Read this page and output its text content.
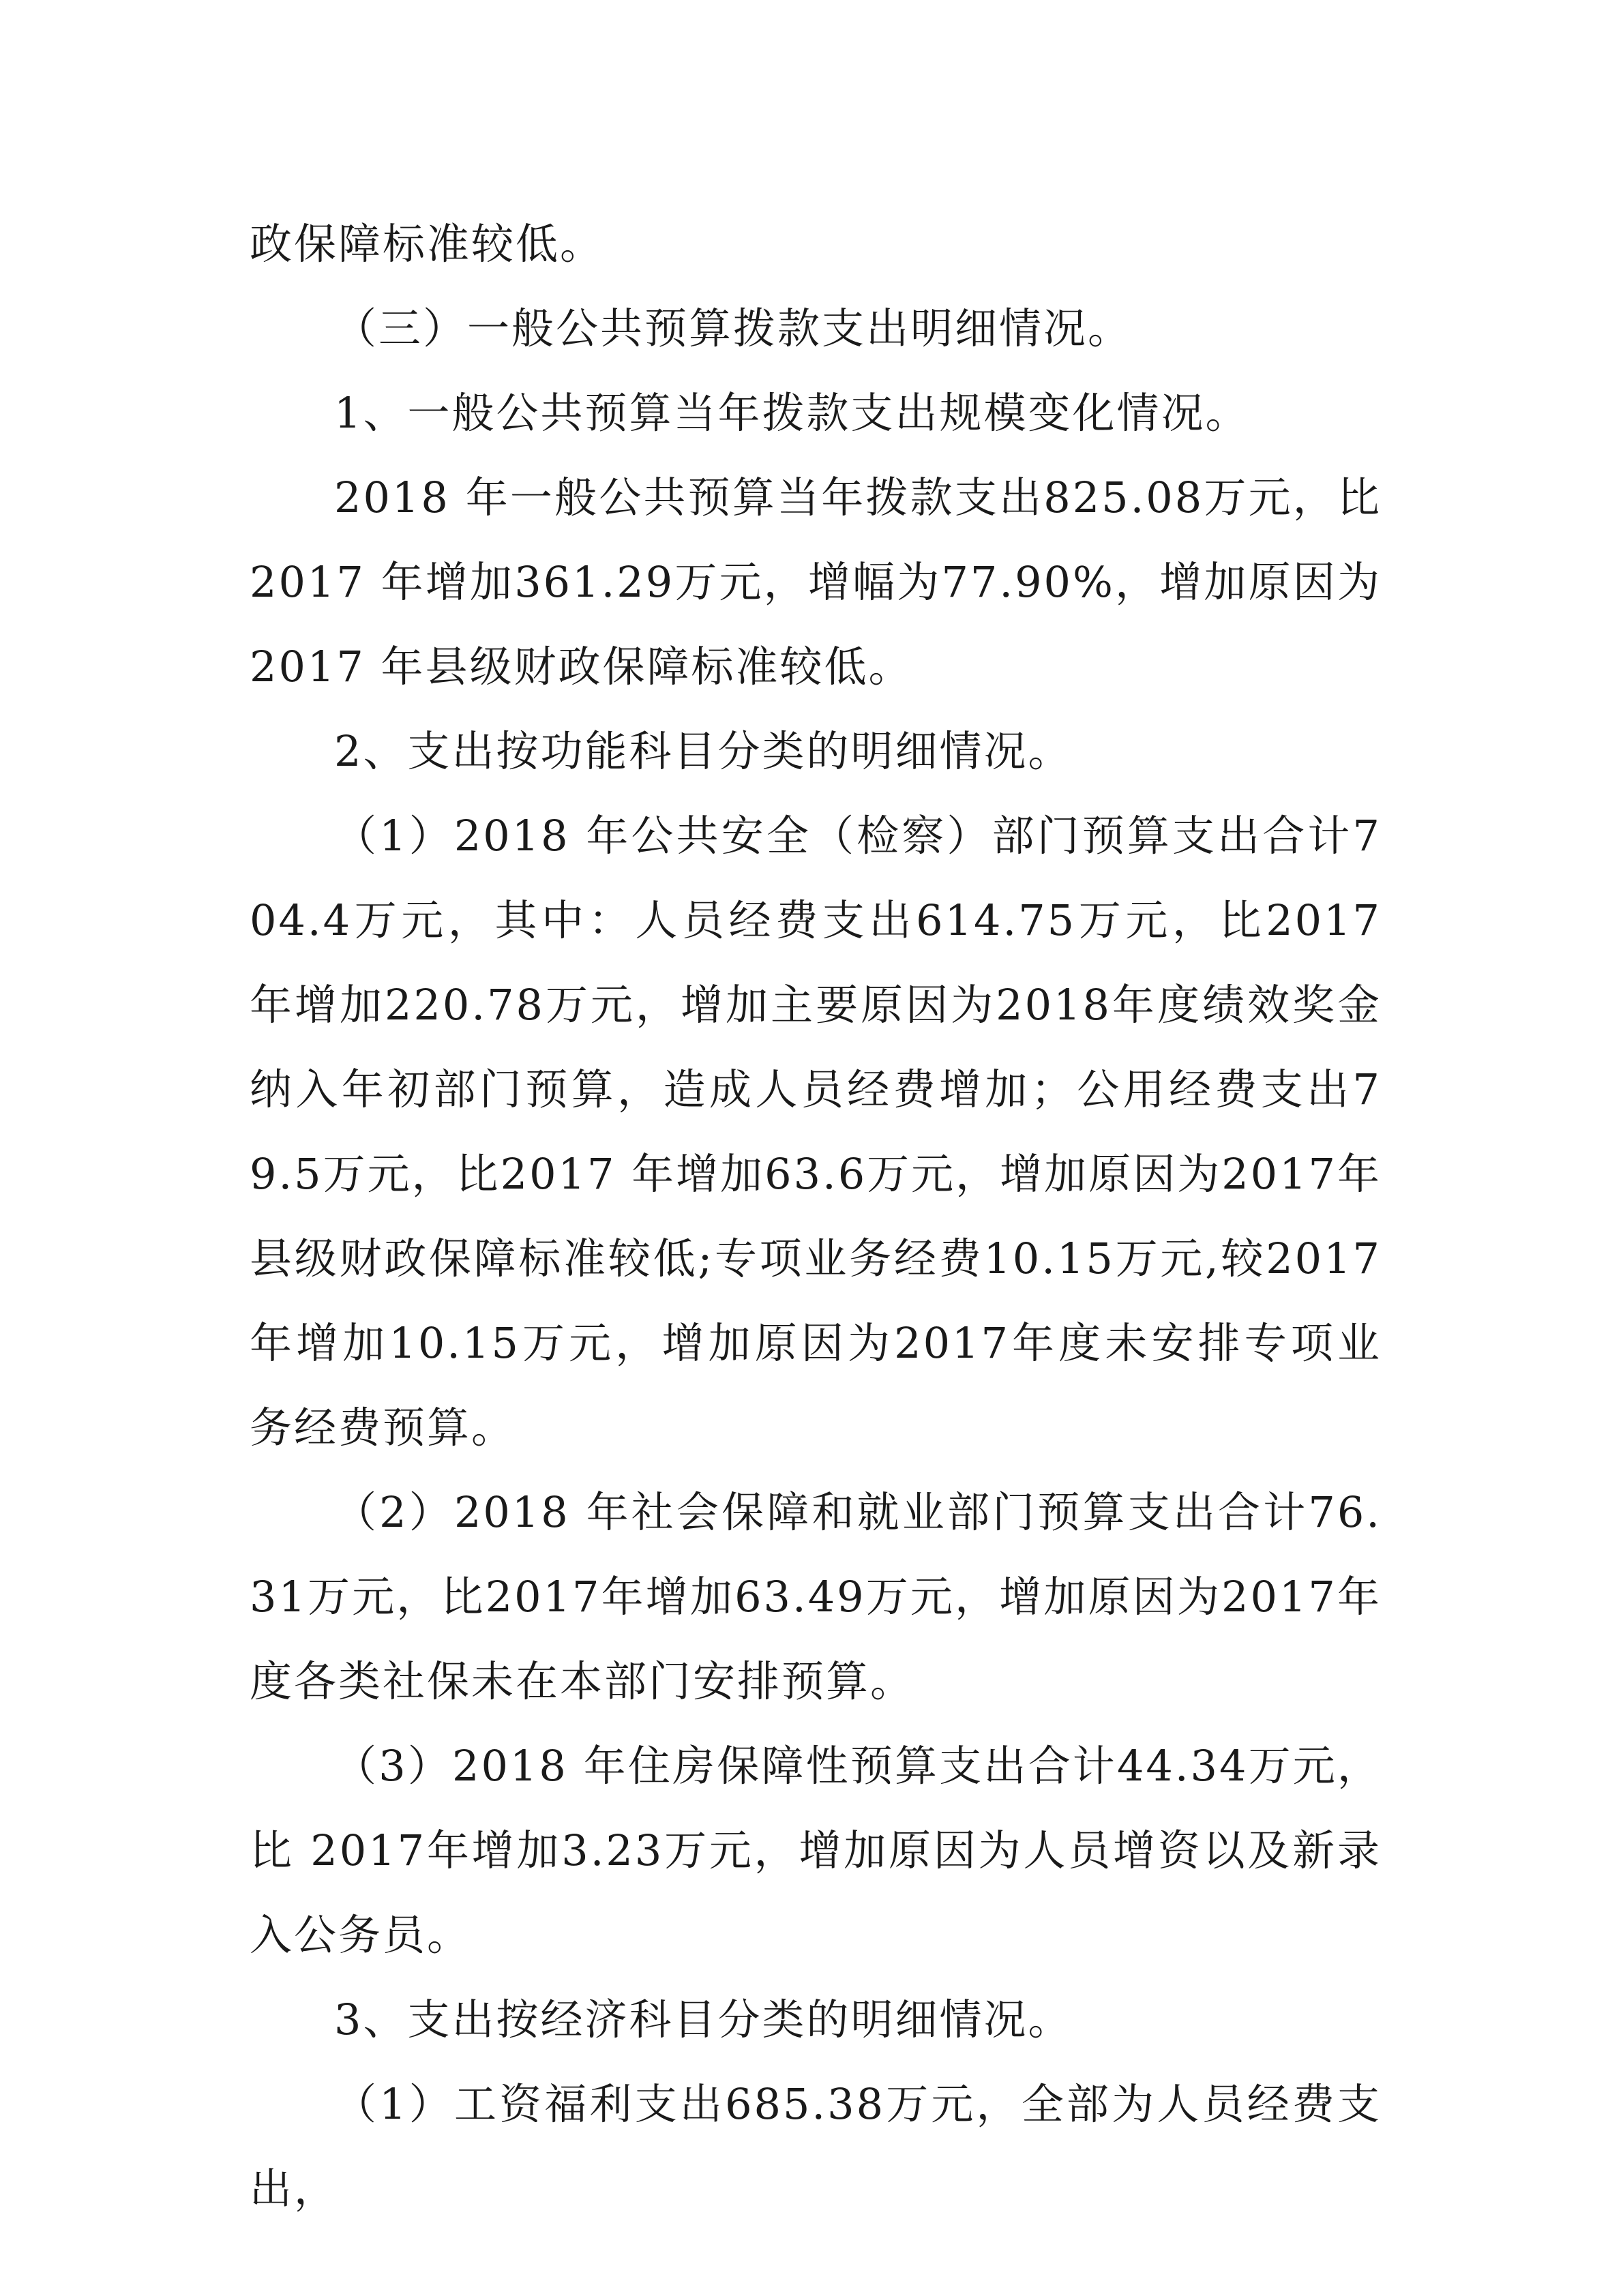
政保障标准较低。

（三）一般公共预算拨款支出明细情况。

1、一般公共预算当年拨款支出规模变化情况。

2018 年一般公共预算当年拨款支出825.08万元，比 2017 年增加361.29万元，增幅为77.90%，增加原因为2017 年县级财政保障标准较低。

2、支出按功能科目分类的明细情况。

（1）2018 年公共安全（检察）部门预算支出合计704.4万元，其中：人员经费支出614.75万元，比2017 年增加220.78万元，增加主要原因为2018年度绩效奖金纳入年初部门预算，造成人员经费增加；公用经费支出79.5万元，比2017 年增加63.6万元，增加原因为2017年县级财政保障标准较低;专项业务经费10.15万元,较2017年增加10.15万元，增加原因为2017年度未安排专项业务经费预算。

（2）2018 年社会保障和就业部门预算支出合计76.31万元，比2017年增加63.49万元，增加原因为2017年度各类社保未在本部门安排预算。

（3）2018 年住房保障性预算支出合计44.34万元，比 2017年增加3.23万元，增加原因为人员增资以及新录入公务员。

3、支出按经济科目分类的明细情况。

（1）工资福利支出685.38万元，全部为人员经费支出，
